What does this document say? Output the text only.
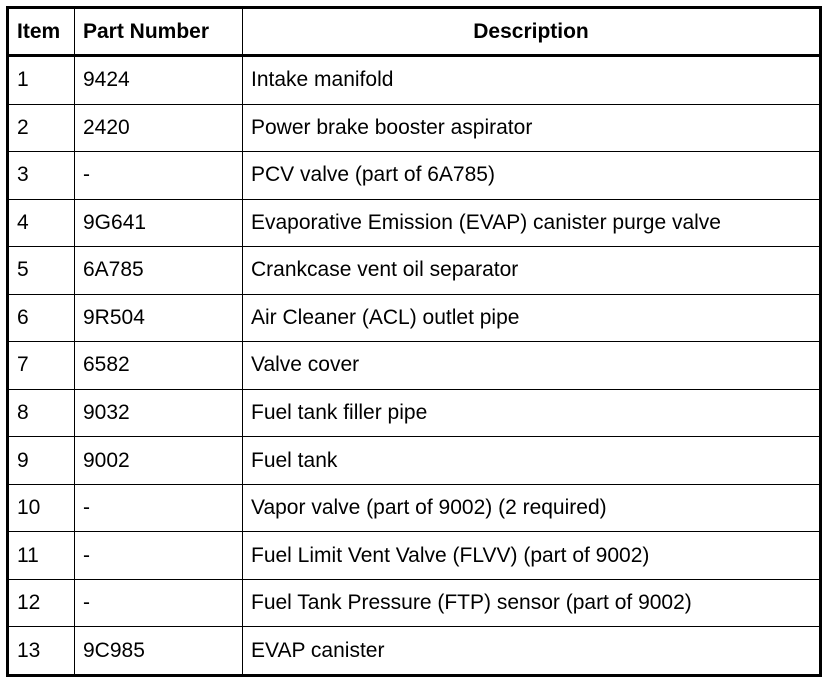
Item	Part Number	Description
1	9424	Intake manifold
2	2420	Power brake booster aspirator
3	-	PCV valve (part of 6A785)
4	9G641	Evaporative Emission (EVAP) canister purge valve
5	6A785	Crankcase vent oil separator
6	9R504	Air Cleaner (ACL) outlet pipe
7	6582	Valve cover
8	9032	Fuel tank filler pipe
9	9002	Fuel tank
10	-	Vapor valve (part of 9002) (2 required)
11	-	Fuel Limit Vent Valve (FLVV) (part of 9002)
12	-	Fuel Tank Pressure (FTP) sensor (part of 9002)
13	9C985	EVAP canister
